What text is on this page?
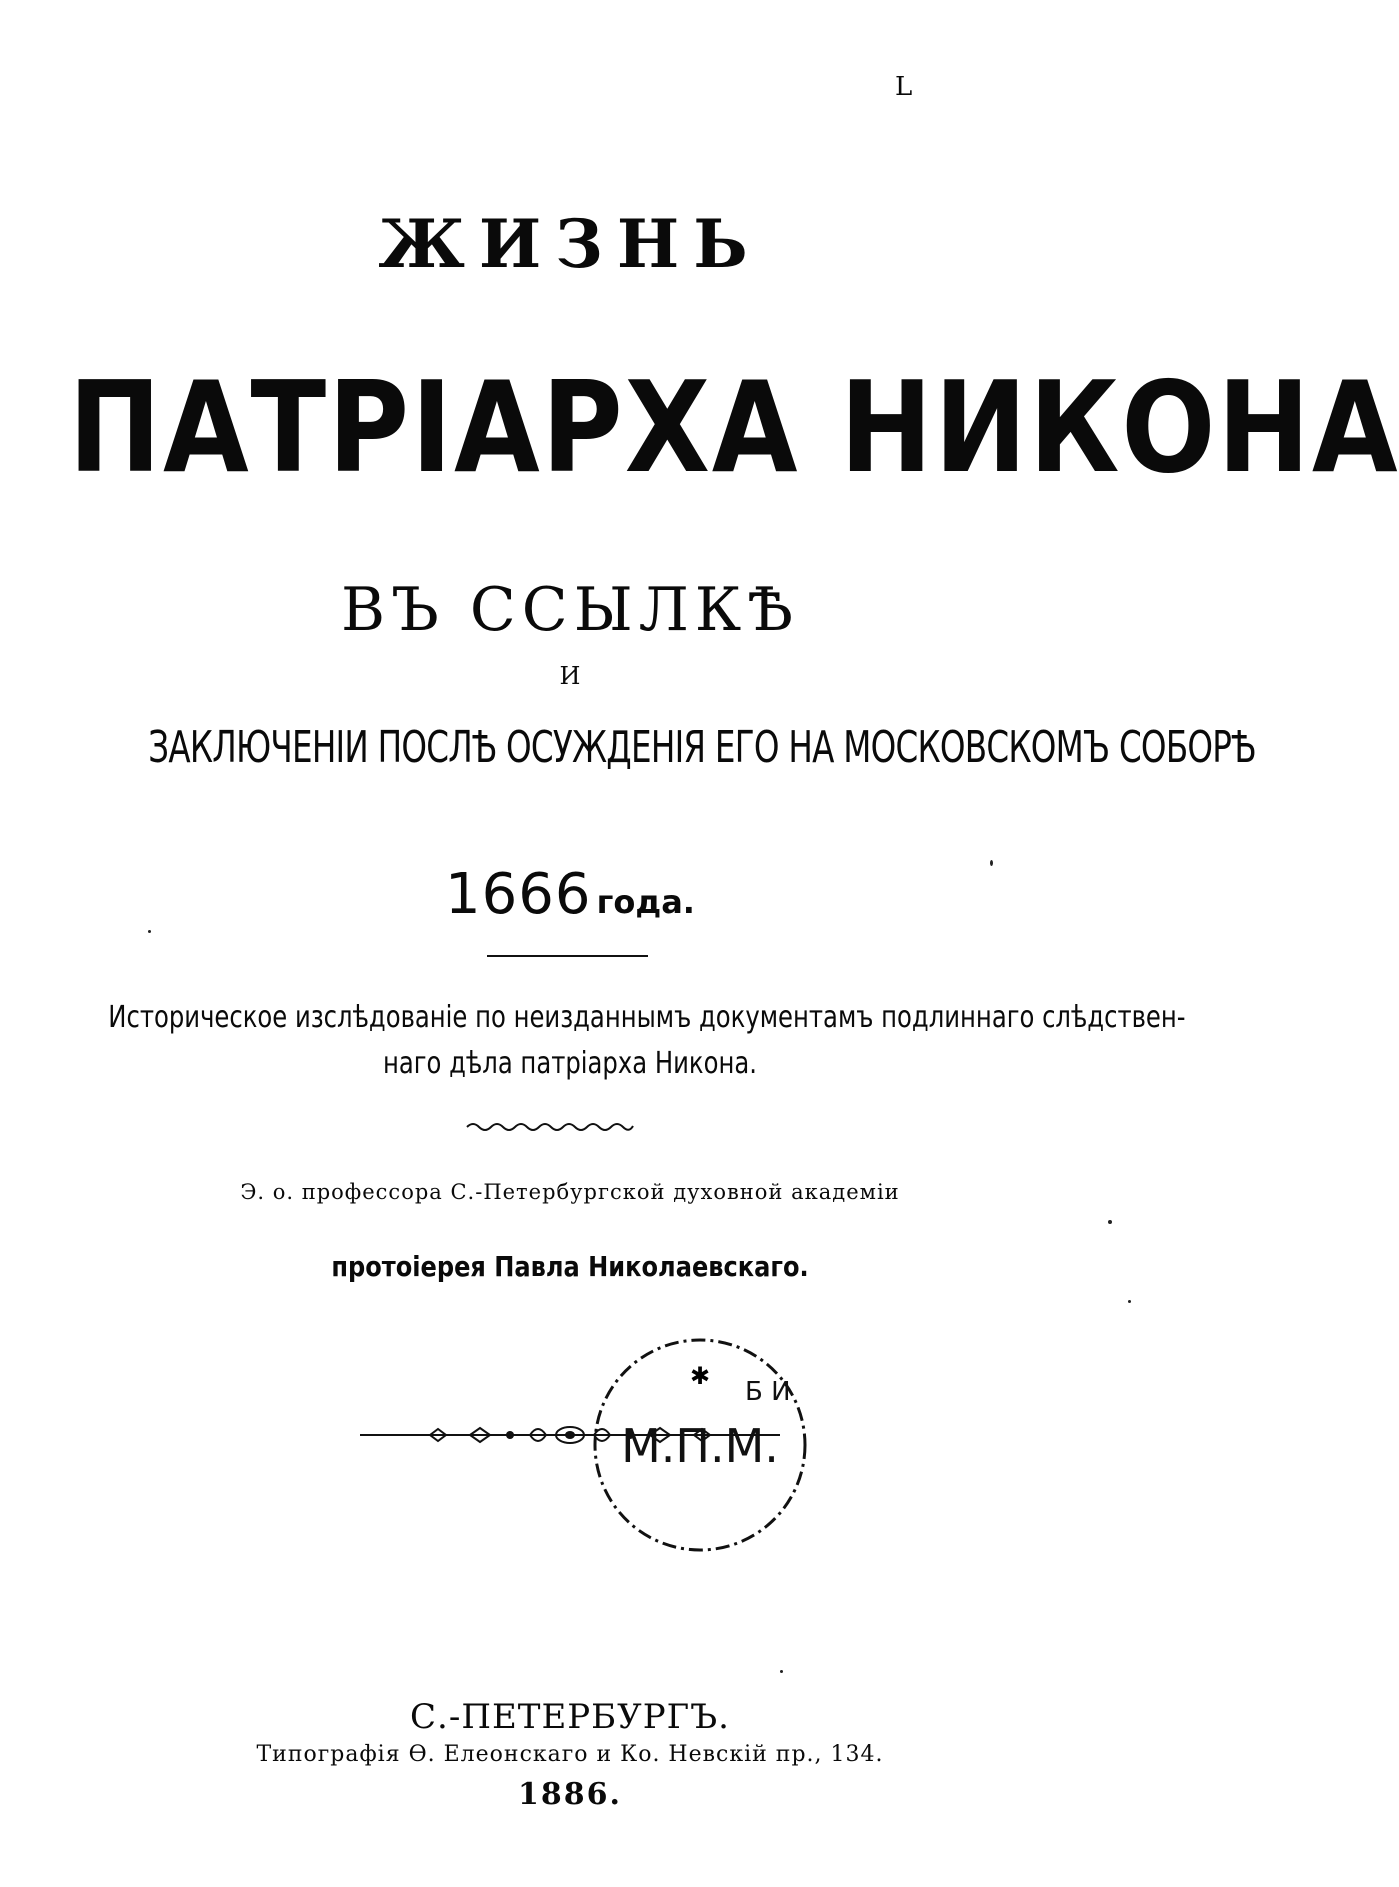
L
ЖИЗНЬ
ПАТРІАРХА НИКОНА
ВЪ ССЫЛКѢ
И
ЗАКЛЮЧЕНІИ ПОСЛѢ ОСУЖДЕНІЯ ЕГО НА МОСКОВСКОМЪ СОБОРѢ
1666 года.
Историческое изслѣдованіе по неизданнымъ документамъ подлиннаго слѣдствен-
наго дѣла патріарха Никона.
Э. о. профессора С.-Петербургской духовной академіи
протоіерея Павла Николаевскаго.
✱
Б И
М.П.М.
С.-ПЕТЕРБУРГЪ.
Типографія Ѳ. Елеонскаго и Ко. Невскій пр., 134.
1886.
